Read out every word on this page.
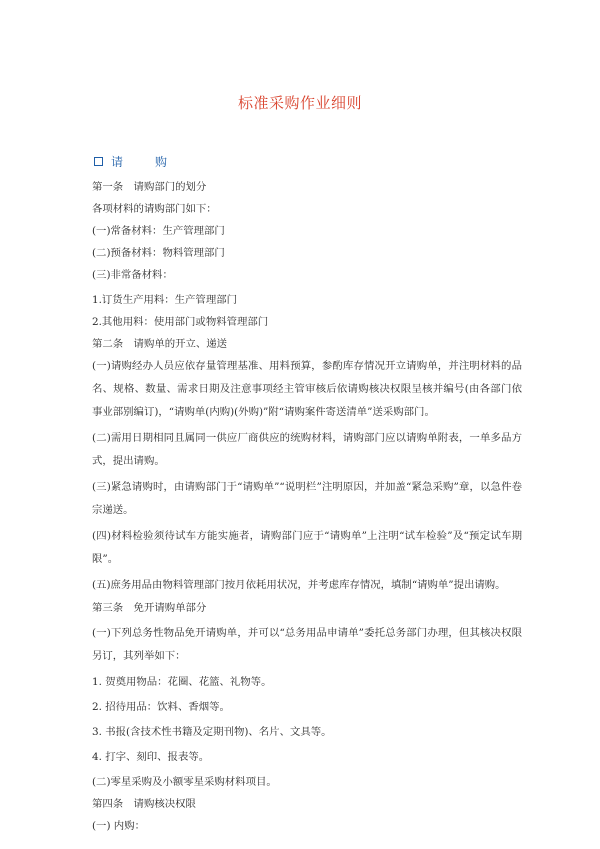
标准采购作业细则
请　购

第一条　请购部门的划分

各项材料的请购部门如下：

(一)常备材料：生产管理部门

(二)预备材料：物料管理部门

(三)非常备材料：

1.订货生产用料：生产管理部门

2.其他用料：使用部门或物料管理部门

第二条　请购单的开立、递送

(一)请购经办人员应依存量管理基准、用料预算，参酌库存情况开立请购单，并注明材料的品名、规格、数量、需求日期及注意事项经主管审核后依请购核决权限呈核并编号(由各部门依事业部别编订)，“请购单(内购)(外购)”附“请购案件寄送清单”送采购部门。

(二)需用日期相同且属同一供应厂商供应的统购材料，请购部门应以请购单附表，一单多品方式，提出请购。

(三)紧急请购时，由请购部门于“请购单”“说明栏”注明原因，并加盖“紧急采购”章，以急件卷宗递送。

(四)材料检验须待试车方能实施者，请购部门应于“请购单”上注明“试车检验”及“预定试车期限”。

(五)庶务用品由物料管理部门按月依耗用状况，并考虑库存情况，填制“请购单”提出请购。

第三条　免开请购单部分

(一)下列总务性物品免开请购单，并可以“总务用品申请单”委托总务部门办理，但其核决权限另订，其列举如下：

1. 贺奠用物品：花圈、花篮、礼物等。

2. 招待用品：饮料、香烟等。

3. 书报(含技术性书籍及定期刊物)、名片、文具等。

4. 打字、刻印、报表等。

(二)零星采购及小额零星采购材料项目。

第四条　请购核决权限

(一) 内购：
